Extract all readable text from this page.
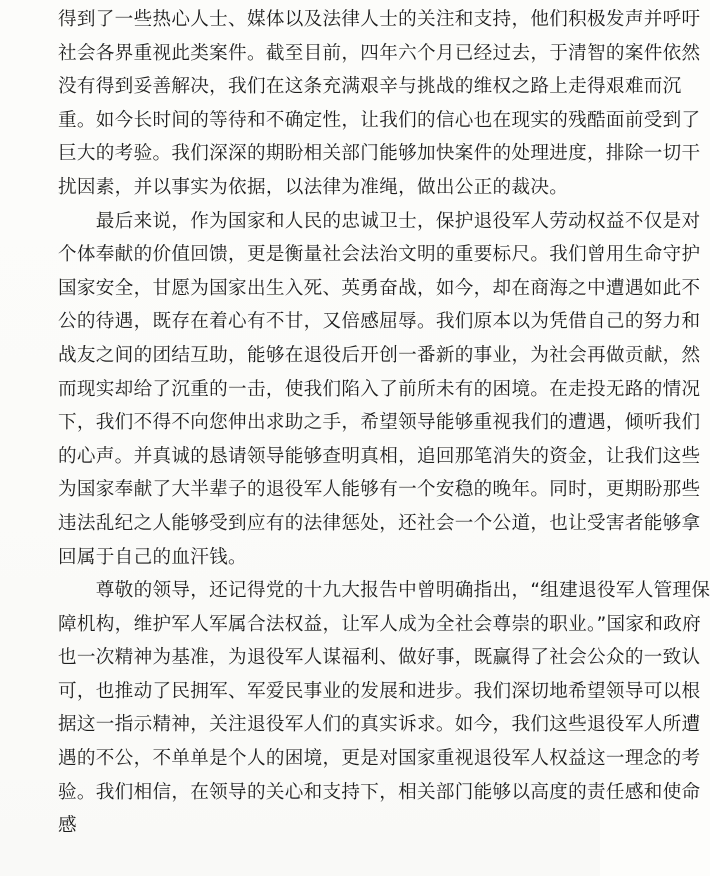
得到了一些热心人士、媒体以及法律人士的关注和支持，他们积极发声并呼吁
社会各界重视此类案件。截至目前，四年六个月已经过去，于清智的案件依然
没有得到妥善解决，我们在这条充满艰辛与挑战的维权之路上走得艰难而沉
重。如今长时间的等待和不确定性，让我们的信心也在现实的残酷面前受到了
巨大的考验。我们深深的期盼相关部门能够加快案件的处理进度，排除一切干
扰因素，并以事实为依据，以法律为准绳，做出公正的裁决。
　　最后来说，作为国家和人民的忠诚卫士，保护退役军人劳动权益不仅是对
个体奉献的价值回馈，更是衡量社会法治文明的重要标尺。我们曾用生命守护
国家安全，甘愿为国家出生入死、英勇奋战，如今，却在商海之中遭遇如此不
公的待遇，既存在着心有不甘，又倍感屈辱。我们原本以为凭借自己的努力和
战友之间的团结互助，能够在退役后开创一番新的事业，为社会再做贡献，然
而现实却给了沉重的一击，使我们陷入了前所未有的困境。在走投无路的情况
下，我们不得不向您伸出求助之手，希望领导能够重视我们的遭遇，倾听我们
的心声。并真诚的恳请领导能够查明真相，追回那笔消失的资金，让我们这些
为国家奉献了大半辈子的退役军人能够有一个安稳的晚年。同时，更期盼那些
违法乱纪之人能够受到应有的法律惩处，还社会一个公道，也让受害者能够拿
回属于自己的血汗钱。
　　尊敬的领导，还记得党的十九大报告中曾明确指出，“组建退役军人管理保
障机构，维护军人军属合法权益，让军人成为全社会尊崇的职业。”国家和政府
也一次精神为基准，为退役军人谋福利、做好事，既赢得了社会公众的一致认
可，也推动了民拥军、军爱民事业的发展和进步。我们深切地希望领导可以根
据这一指示精神，关注退役军人们的真实诉求。如今，我们这些退役军人所遭
遇的不公，不单单是个人的困境，更是对国家重视退役军人权益这一理念的考
验。我们相信，在领导的关心和支持下，相关部门能够以高度的责任感和使命
感
